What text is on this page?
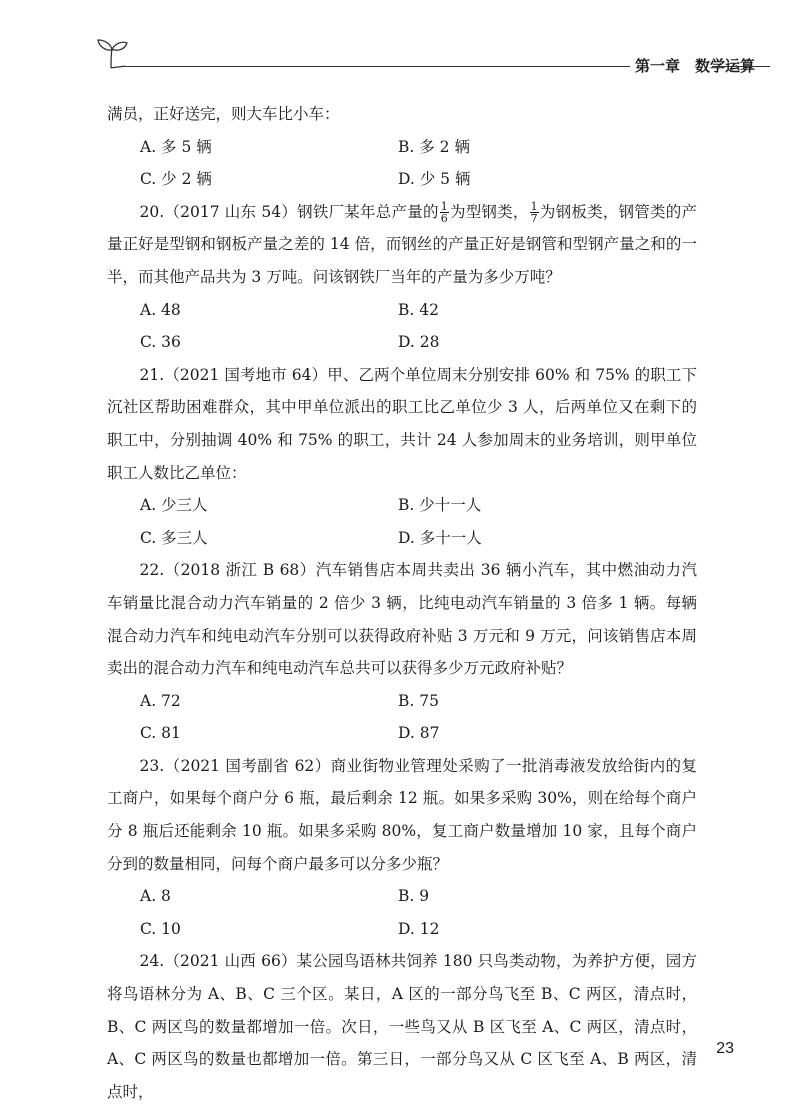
第一章　数学运算
满员，正好送完，则大车比小车：
A. 多 5 辆	B. 多 2 辆
C. 少 2 辆	D. 少 5 辆
20.（2017 山东 54）钢铁厂某年总产量的 $\frac{1}{6}$ 为型钢类， $\frac{1}{7}$ 为钢板类，钢管类的产量正好是型钢和钢板产量之差的 14 倍，而钢丝的产量正好是钢管和型钢产量之和的一半，而其他产品共为 3 万吨。问该钢铁厂当年的产量为多少万吨？
A. 48	B. 42
C. 36	D. 28
21.（2021 国考地市 64）甲、乙两个单位周末分别安排 60% 和 75% 的职工下沉社区帮助困难群众，其中甲单位派出的职工比乙单位少 3 人，后两单位又在剩下的职工中，分别抽调 40% 和 75% 的职工，共计 24 人参加周末的业务培训，则甲单位职工人数比乙单位：
A. 少三人	B. 少十一人
C. 多三人	D. 多十一人
22.（2018 浙江 B 68）汽车销售店本周共卖出 36 辆小汽车，其中燃油动力汽车销量比混合动力汽车销量的 2 倍少 3 辆，比纯电动汽车销量的 3 倍多 1 辆。每辆混合动力汽车和纯电动汽车分别可以获得政府补贴 3 万元和 9 万元，问该销售店本周卖出的混合动力汽车和纯电动汽车总共可以获得多少万元政府补贴？
A. 72	B. 75
C. 81	D. 87
23.（2021 国考副省 62）商业街物业管理处采购了一批消毒液发放给街内的复工商户，如果每个商户分 6 瓶，最后剩余 12 瓶。如果多采购 30%，则在给每个商户分 8 瓶后还能剩余 10 瓶。如果多采购 80%，复工商户数量增加 10 家，且每个商户分到的数量相同，问每个商户最多可以分多少瓶？
A. 8	B. 9
C. 10	D. 12
24.（2021 山西 66）某公园鸟语林共饲养 180 只鸟类动物，为养护方便，园方将鸟语林分为 A、B、C 三个区。某日，A 区的一部分鸟飞至 B、C 两区，清点时，B、C 两区鸟的数量都增加一倍。次日，一些鸟又从 B 区飞至 A、C 两区，清点时，A、C 两区鸟的数量也都增加一倍。第三日，一部分鸟又从 C 区飞至 A、B 两区，清点时，
23
